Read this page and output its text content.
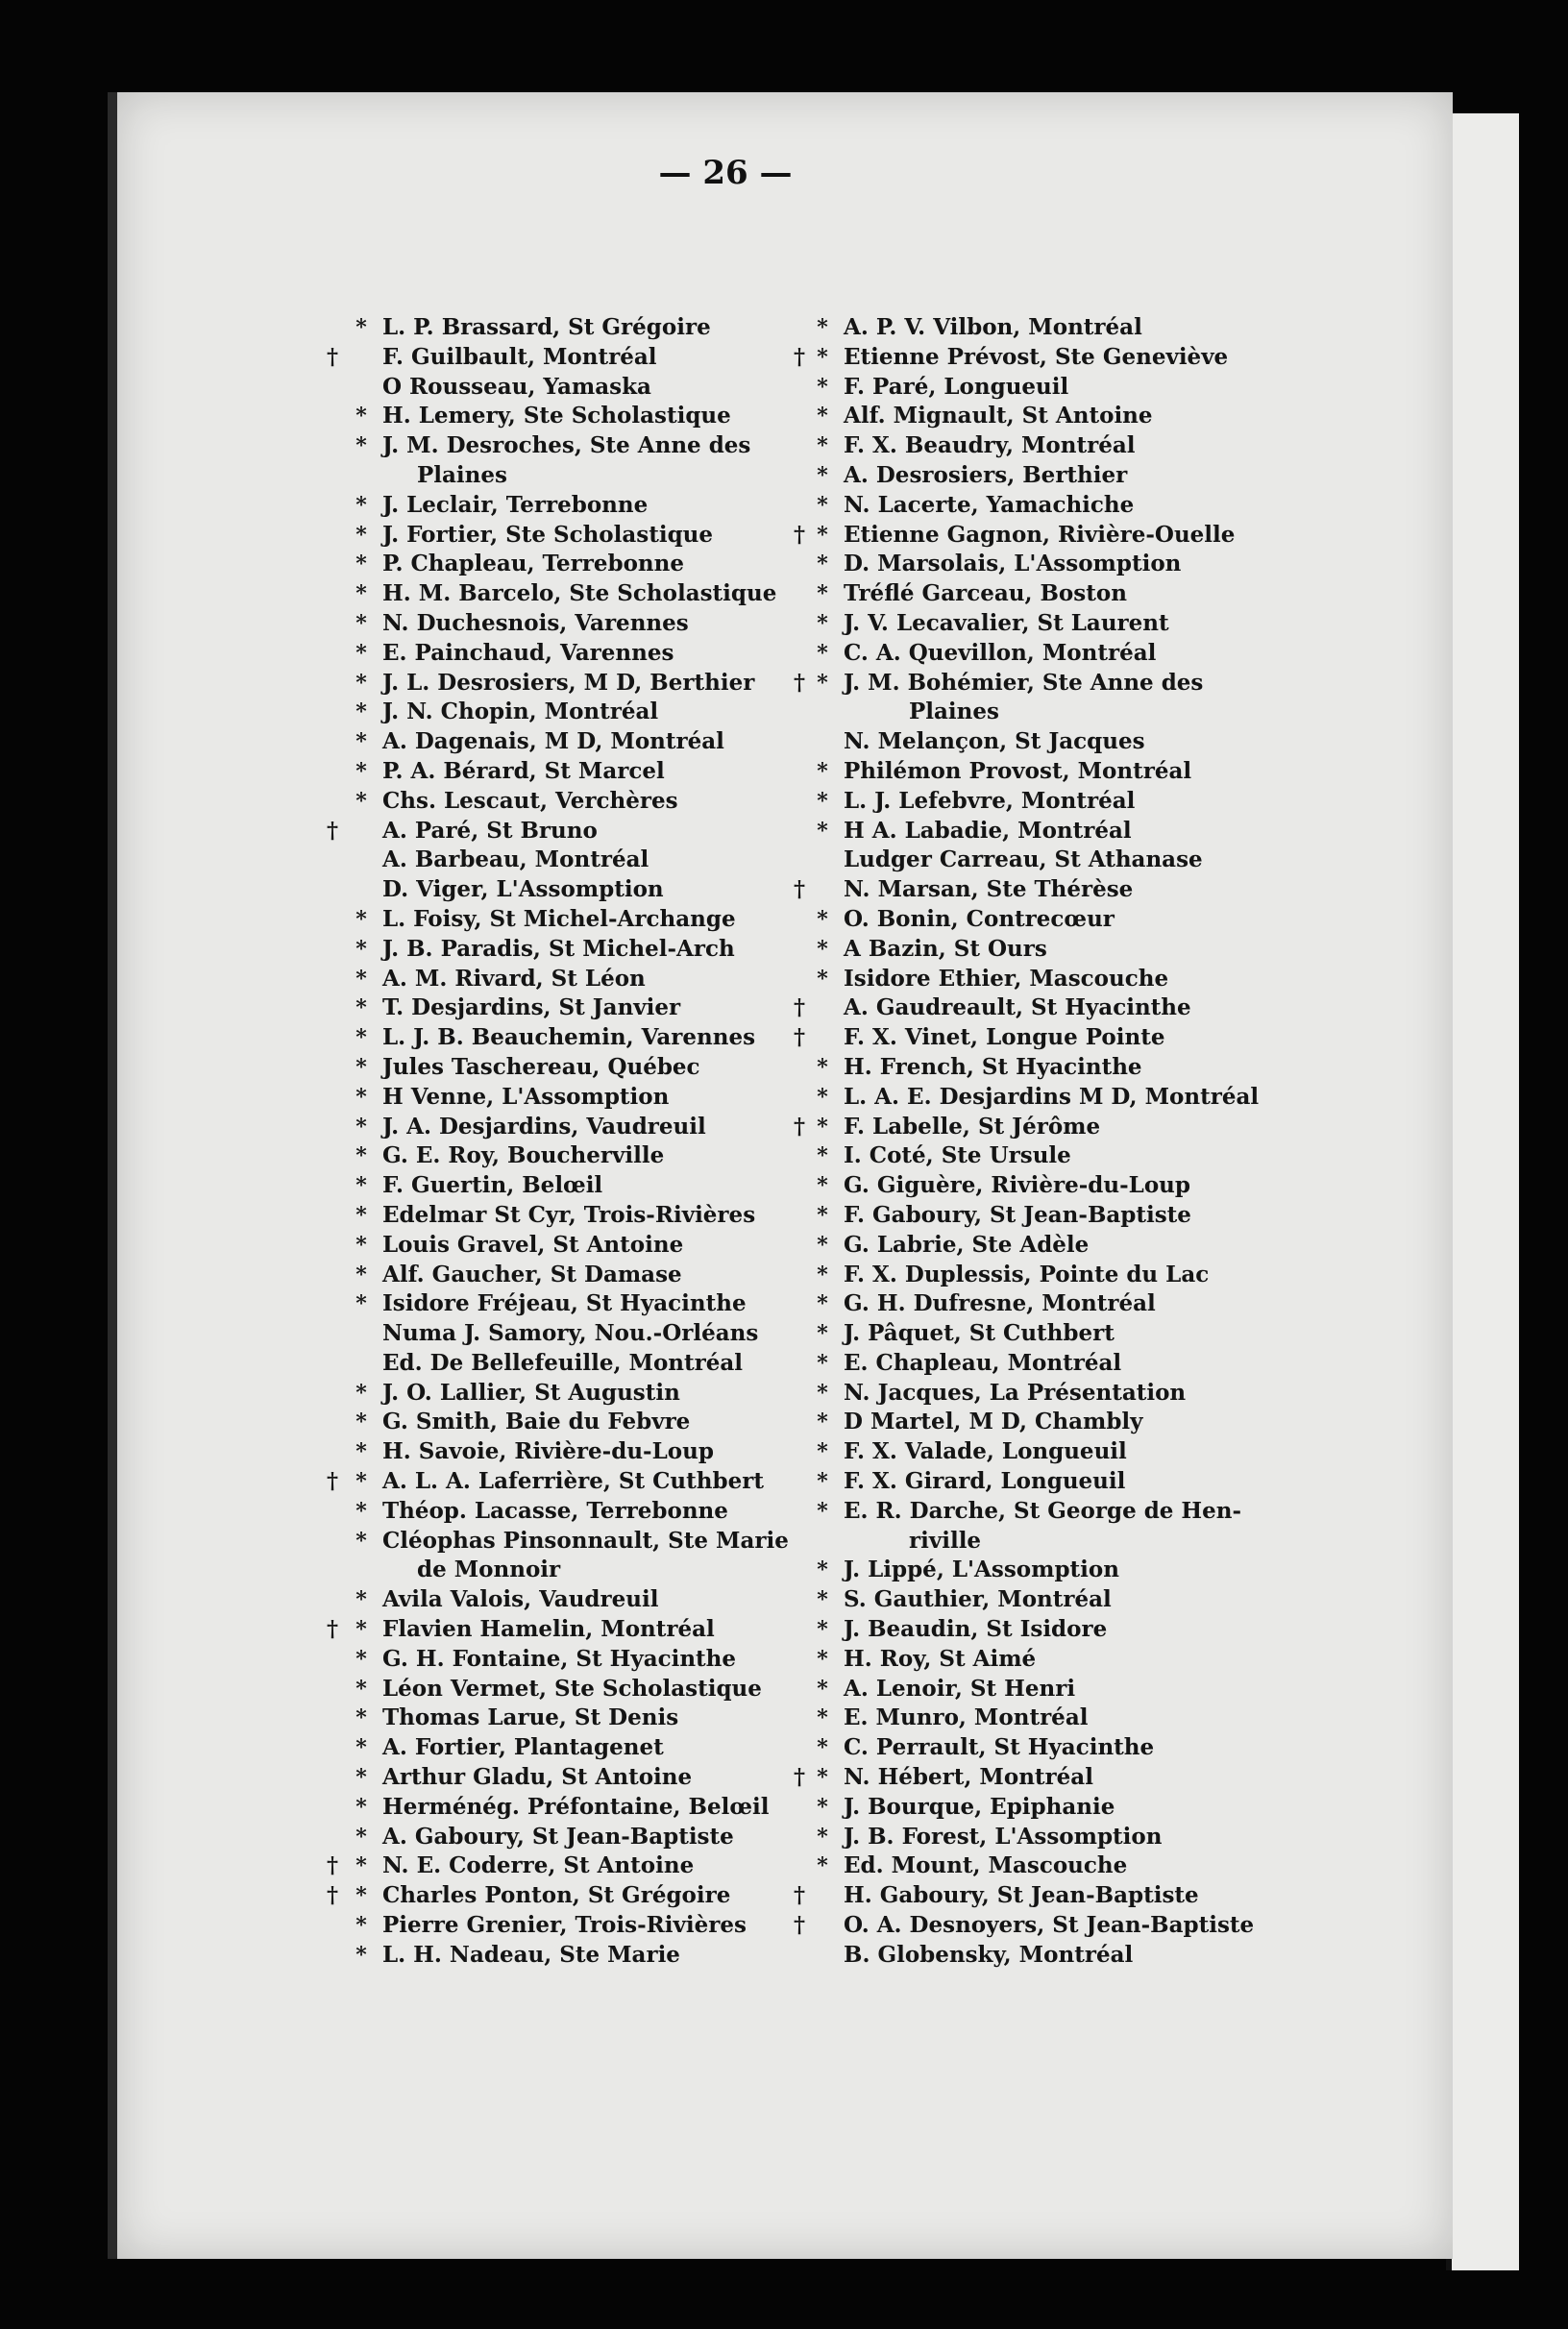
— 26 —
* L. P. Brassard, St Grégoire
† F. Guilbault, Montréal
O Rousseau, Yamaska
* H. Lemery, Ste Scholastique
* J. M. Desroches, Ste Anne des
Plaines
* J. Leclair, Terrebonne
* J. Fortier, Ste Scholastique
* P. Chapleau, Terrebonne
* H. M. Barcelo, Ste Scholastique
* N. Duchesnois, Varennes
* E. Painchaud, Varennes
* J. L. Desrosiers, M D, Berthier
* J. N. Chopin, Montréal
* A. Dagenais, M D, Montréal
* P. A. Bérard, St Marcel
* Chs. Lescaut, Verchères
† A. Paré, St Bruno
A. Barbeau, Montréal
D. Viger, L'Assomption
* L. Foisy, St Michel-Archange
* J. B. Paradis, St Michel-Arch
* A. M. Rivard, St Léon
* T. Desjardins, St Janvier
* L. J. B. Beauchemin, Varennes
* Jules Taschereau, Québec
* H Venne, L'Assomption
* J. A. Desjardins, Vaudreuil
* G. E. Roy, Boucherville
* F. Guertin, Belœil
* Edelmar St Cyr, Trois-Rivières
* Louis Gravel, St Antoine
* Alf. Gaucher, St Damase
* Isidore Fréjeau, St Hyacinthe
Numa J. Samory, Nou.-Orléans
Ed. De Bellefeuille, Montréal
* J. O. Lallier, St Augustin
* G. Smith, Baie du Febvre
* H. Savoie, Rivière-du-Loup
† * A. L. A. Laferrière, St Cuthbert
* Théop. Lacasse, Terrebonne
* Cléophas Pinsonnault, Ste Marie
de Monnoir
* Avila Valois, Vaudreuil
† * Flavien Hamelin, Montréal
* G. H. Fontaine, St Hyacinthe
* Léon Vermet, Ste Scholastique
* Thomas Larue, St Denis
* A. Fortier, Plantagenet
* Arthur Gladu, St Antoine
* Herménég. Préfontaine, Belœil
* A. Gaboury, St Jean-Baptiste
† * N. E. Coderre, St Antoine
† * Charles Ponton, St Grégoire
* Pierre Grenier, Trois-Rivières
* L. H. Nadeau, Ste Marie
* A. P. V. Vilbon, Montréal
† * Etienne Prévost, Ste Geneviève
* F. Paré, Longueuil
* Alf. Mignault, St Antoine
* F. X. Beaudry, Montréal
* A. Desrosiers, Berthier
* N. Lacerte, Yamachiche
† * Etienne Gagnon, Rivière-Ouelle
* D. Marsolais, L'Assomption
* Tréflé Garceau, Boston
* J. V. Lecavalier, St Laurent
* C. A. Quevillon, Montréal
† * J. M. Bohémier, Ste Anne des
Plaines
N. Melançon, St Jacques
* Philémon Provost, Montréal
* L. J. Lefebvre, Montréal
* H A. Labadie, Montréal
Ludger Carreau, St Athanase
† N. Marsan, Ste Thérèse
* O. Bonin, Contrecœur
* A Bazin, St Ours
* Isidore Ethier, Mascouche
† A. Gaudreault, St Hyacinthe
† F. X. Vinet, Longue Pointe
* H. French, St Hyacinthe
* L. A. E. Desjardins M D, Montréal
† * F. Labelle, St Jérôme
* I. Coté, Ste Ursule
* G. Giguère, Rivière-du-Loup
* F. Gaboury, St Jean-Baptiste
* G. Labrie, Ste Adèle
* F. X. Duplessis, Pointe du Lac
* G. H. Dufresne, Montréal
* J. Pâquet, St Cuthbert
* E. Chapleau, Montréal
* N. Jacques, La Présentation
* D Martel, M D, Chambly
* F. X. Valade, Longueuil
* F. X. Girard, Longueuil
* E. R. Darche, St George de Hen-
riville
* J. Lippé, L'Assomption
* S. Gauthier, Montréal
* J. Beaudin, St Isidore
* H. Roy, St Aimé
* A. Lenoir, St Henri
* E. Munro, Montréal
* C. Perrault, St Hyacinthe
† * N. Hébert, Montréal
* J. Bourque, Epiphanie
* J. B. Forest, L'Assomption
* Ed. Mount, Mascouche
† H. Gaboury, St Jean-Baptiste
† O. A. Desnoyers, St Jean-Baptiste
B. Globensky, Montréal
